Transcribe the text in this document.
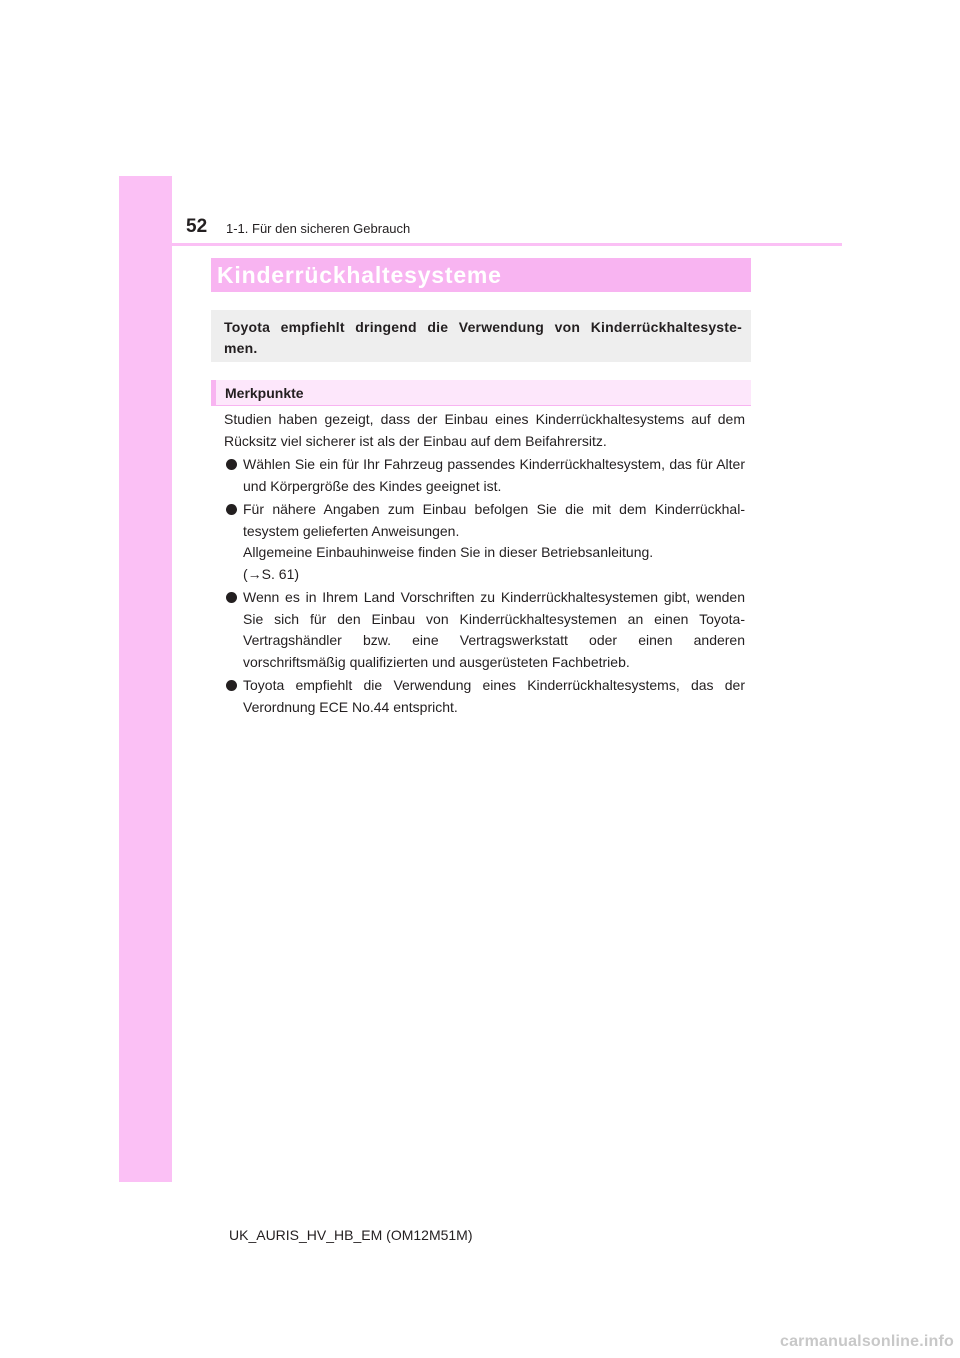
52 1-1. Für den sicheren Gebrauch
Kinderrückhaltesysteme

Toyota empfiehlt dringend die Verwendung von Kinderrückhaltesyste-
men.

Merkpunkte

Studien haben gezeigt, dass der Einbau eines Kinderrückhaltesystems auf dem Rücksitz viel sicherer ist als der Einbau auf dem Beifahrersitz.

Wählen Sie ein für Ihr Fahrzeug passendes Kinderrückhaltesystem, das für Alter und Körpergröße des Kindes geeignet ist.
Für nähere Angaben zum Einbau befolgen Sie die mit dem Kinderrückhal-tesystem gelieferten Anweisungen.
Allgemeine Einbauhinweise finden Sie in dieser Betriebsanleitung.
(→S. 61)
Wenn es in Ihrem Land Vorschriften zu Kinderrückhaltesystemen gibt, wenden Sie sich für den Einbau von Kinderrückhaltesystemen an einen Toyota-Vertragshändler bzw. eine Vertragswerkstatt oder einen anderen vorschriftsmäßig qualifizierten und ausgerüsteten Fachbetrieb.
Toyota empfiehlt die Verwendung eines Kinderrückhaltesystems, das der Verordnung ECE No.44 entspricht.
UK_AURIS_HV_HB_EM (OM12M51M)
carmanualsonline.info
